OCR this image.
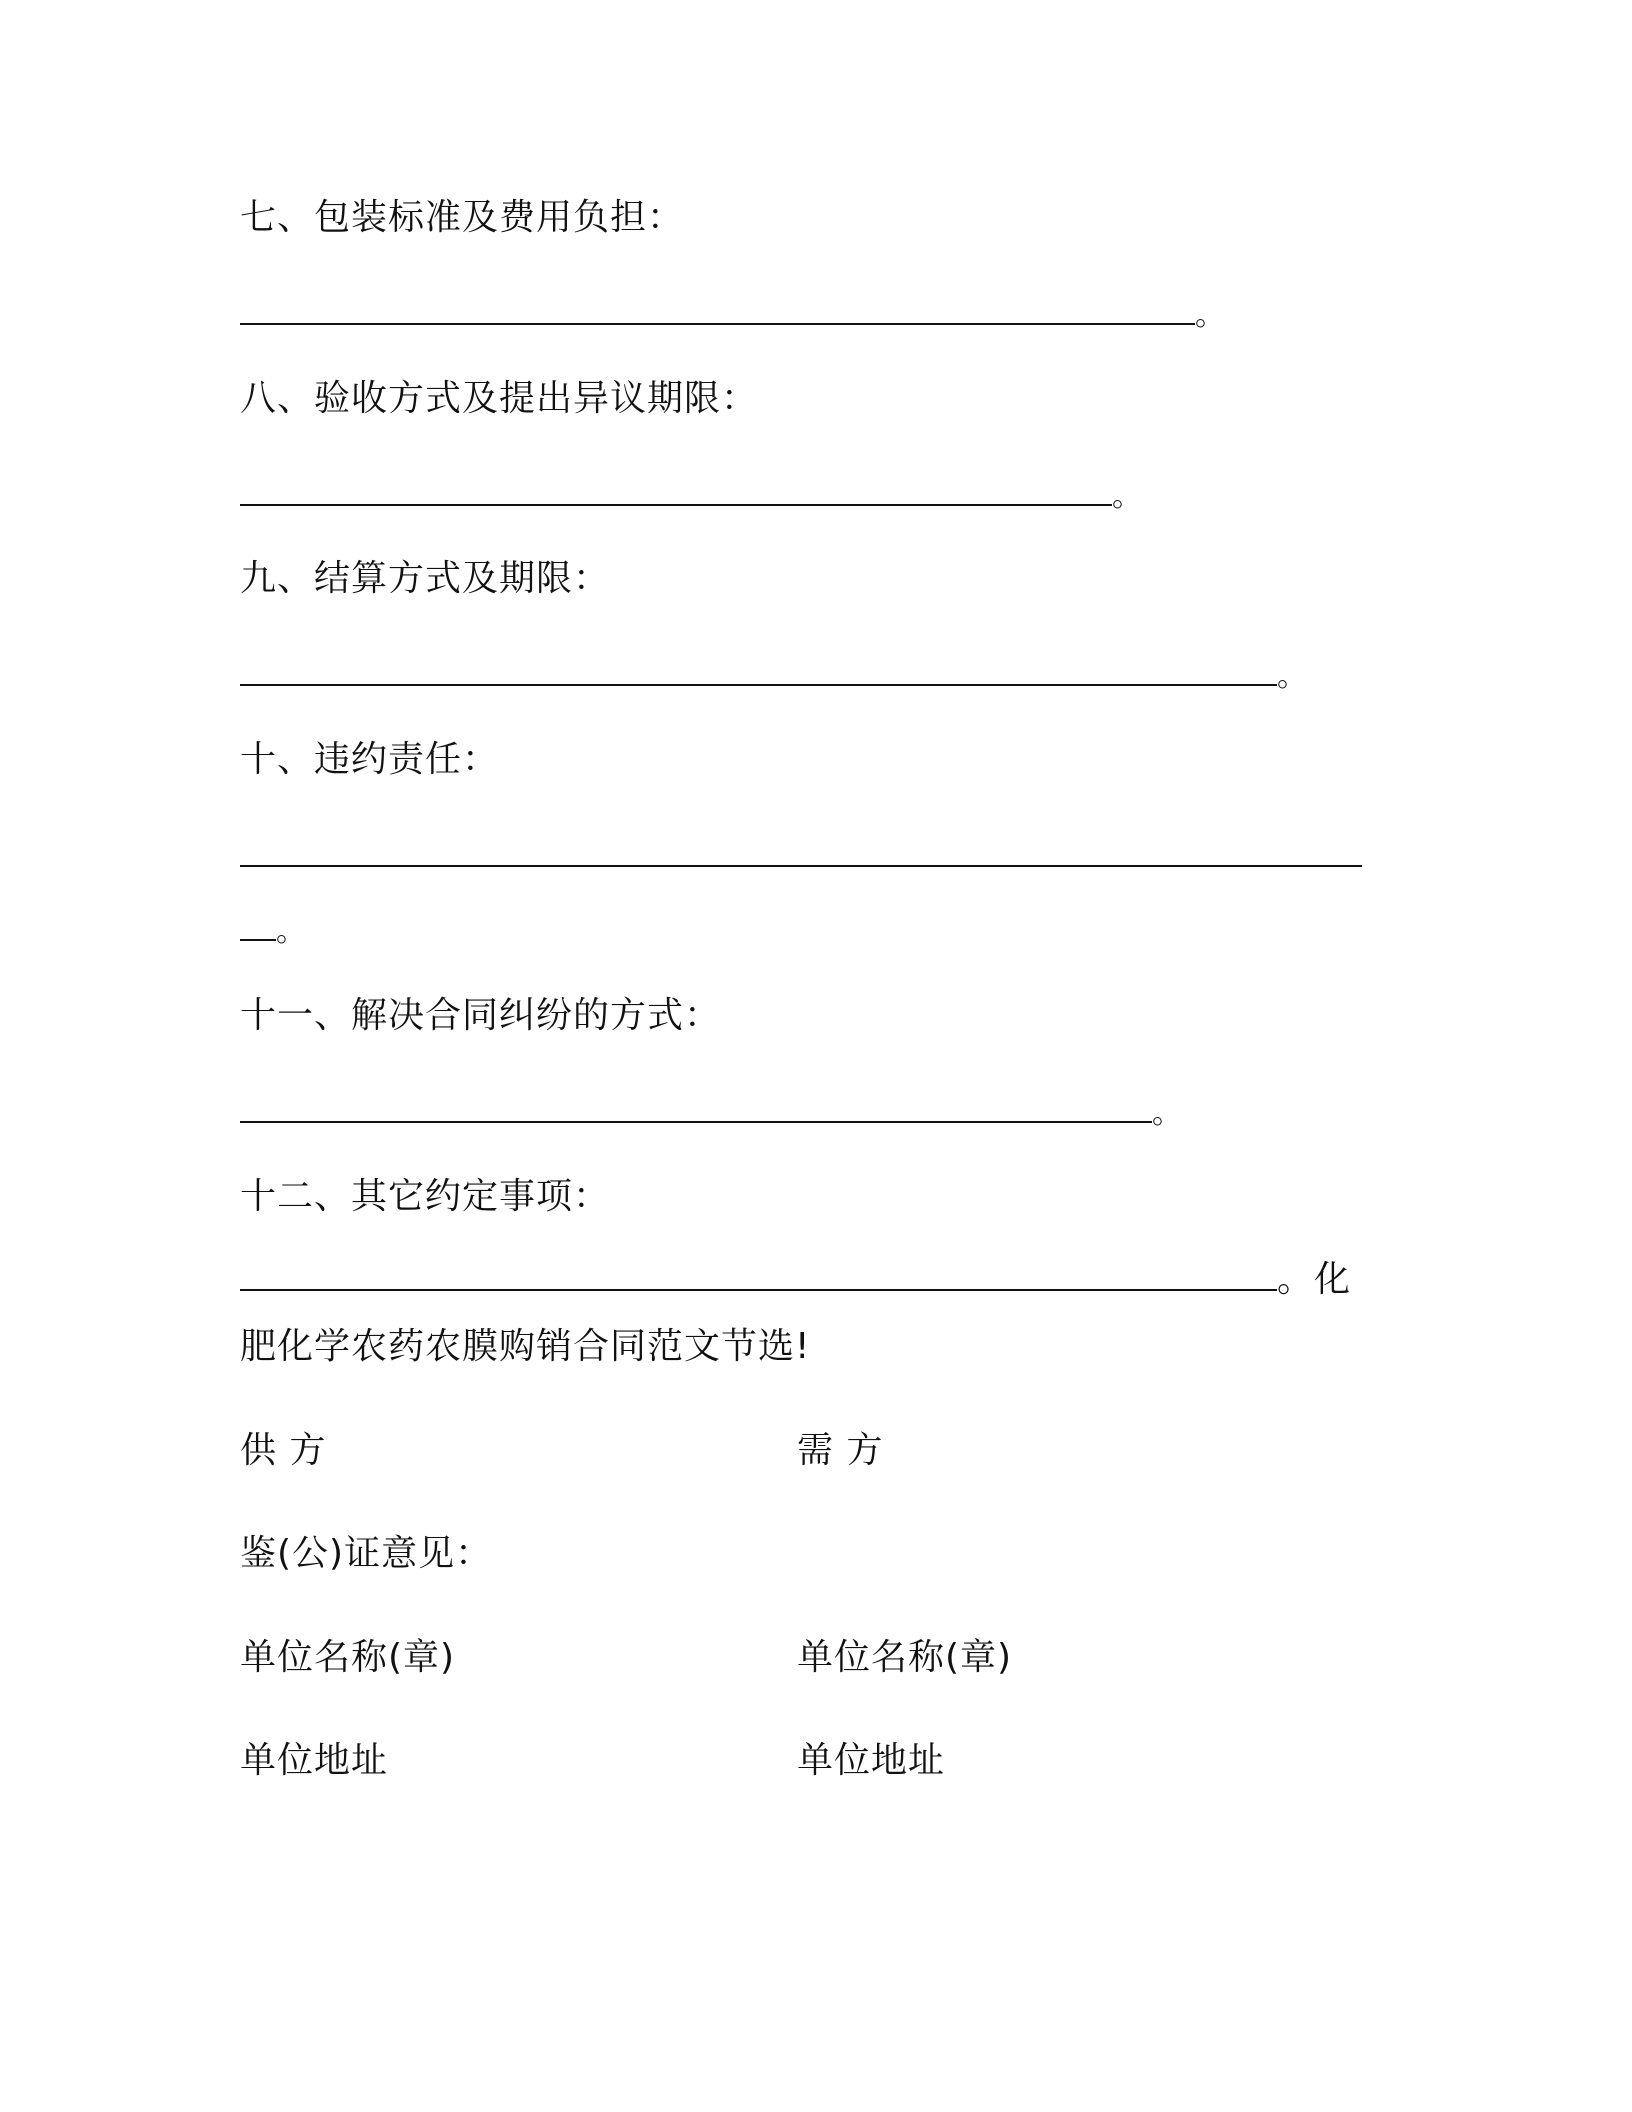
七、包装标准及费用负担：

。

八、验收方式及提出异议期限：

。

九、结算方式及期限：

。

十、违约责任：

。

十一、解决合同纠纷的方式：

。

十二、其它约定事项：

。化

肥化学农药农膜购销合同范文节选!

供 方	需 方

鉴(公)证意见：

单位名称(章)	单位名称(章)

单位地址	单位地址
